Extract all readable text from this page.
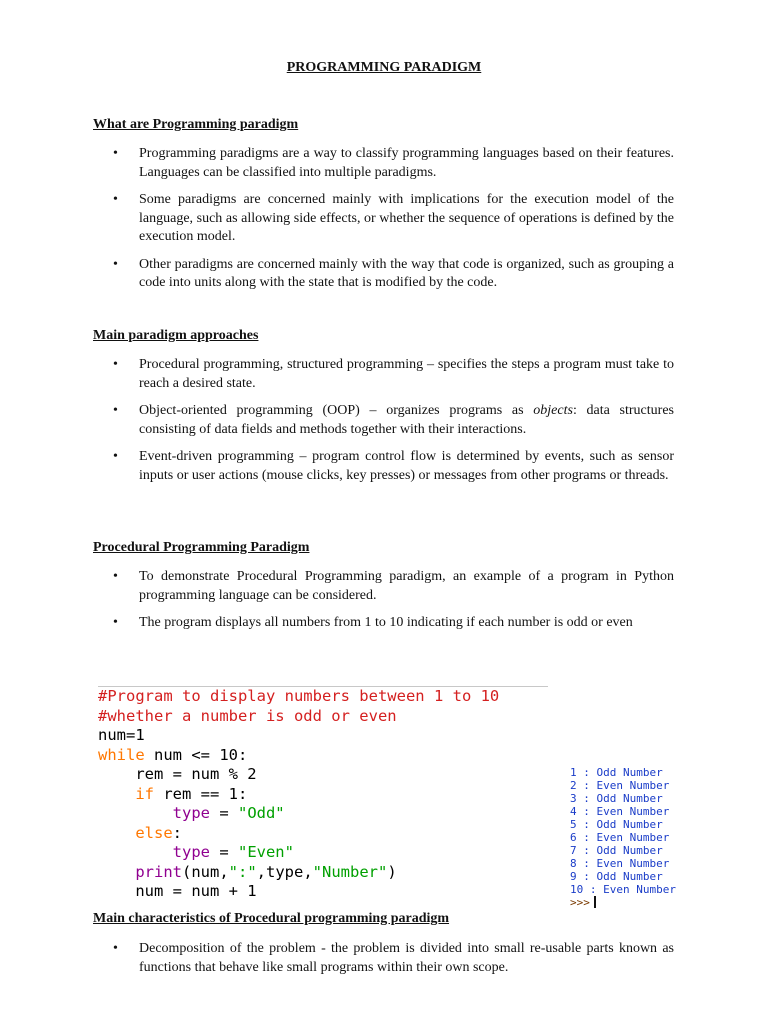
PROGRAMMING PARADIGM
What are Programming paradigm
• Programming paradigms are a way to classify programming languages based on their features. Languages can be classified into multiple paradigms.
• Some paradigms are concerned mainly with implications for the execution model of the language, such as allowing side effects, or whether the sequence of operations is defined by the execution model.
• Other paradigms are concerned mainly with the way that code is organized, such as grouping a code into units along with the state that is modified by the code.
Main paradigm approaches
• Procedural programming, structured programming – specifies the steps a program must take to reach a desired state.
• Object-oriented programming (OOP) – organizes programs as objects: data structures consisting of data fields and methods together with their interactions.
• Event-driven programming – program control flow is determined by events, such as sensor inputs or user actions (mouse clicks, key presses) or messages from other programs or threads.
Procedural Programming Paradigm
• To demonstrate Procedural Programming paradigm, an example of a program in Python programming language can be considered.
• The program displays all numbers from 1 to 10 indicating if each number is odd or even
#Program to display numbers between 1 to 10
#whether a number is odd or even
num=1
while num <= 10:
rem = num % 2
if rem == 1:
type = "Odd"
else:
type = "Even"
print(num,":",type,"Number")
num = num + 1
1 : Odd Number
2 : Even Number
3 : Odd Number
4 : Even Number
5 : Odd Number
6 : Even Number
7 : Odd Number
8 : Even Number
9 : Odd Number
10 : Even Number
>>>
Main characteristics of Procedural programming paradigm
• Decomposition of the problem - the problem is divided into small re-usable parts known as functions that behave like small programs within their own scope.
